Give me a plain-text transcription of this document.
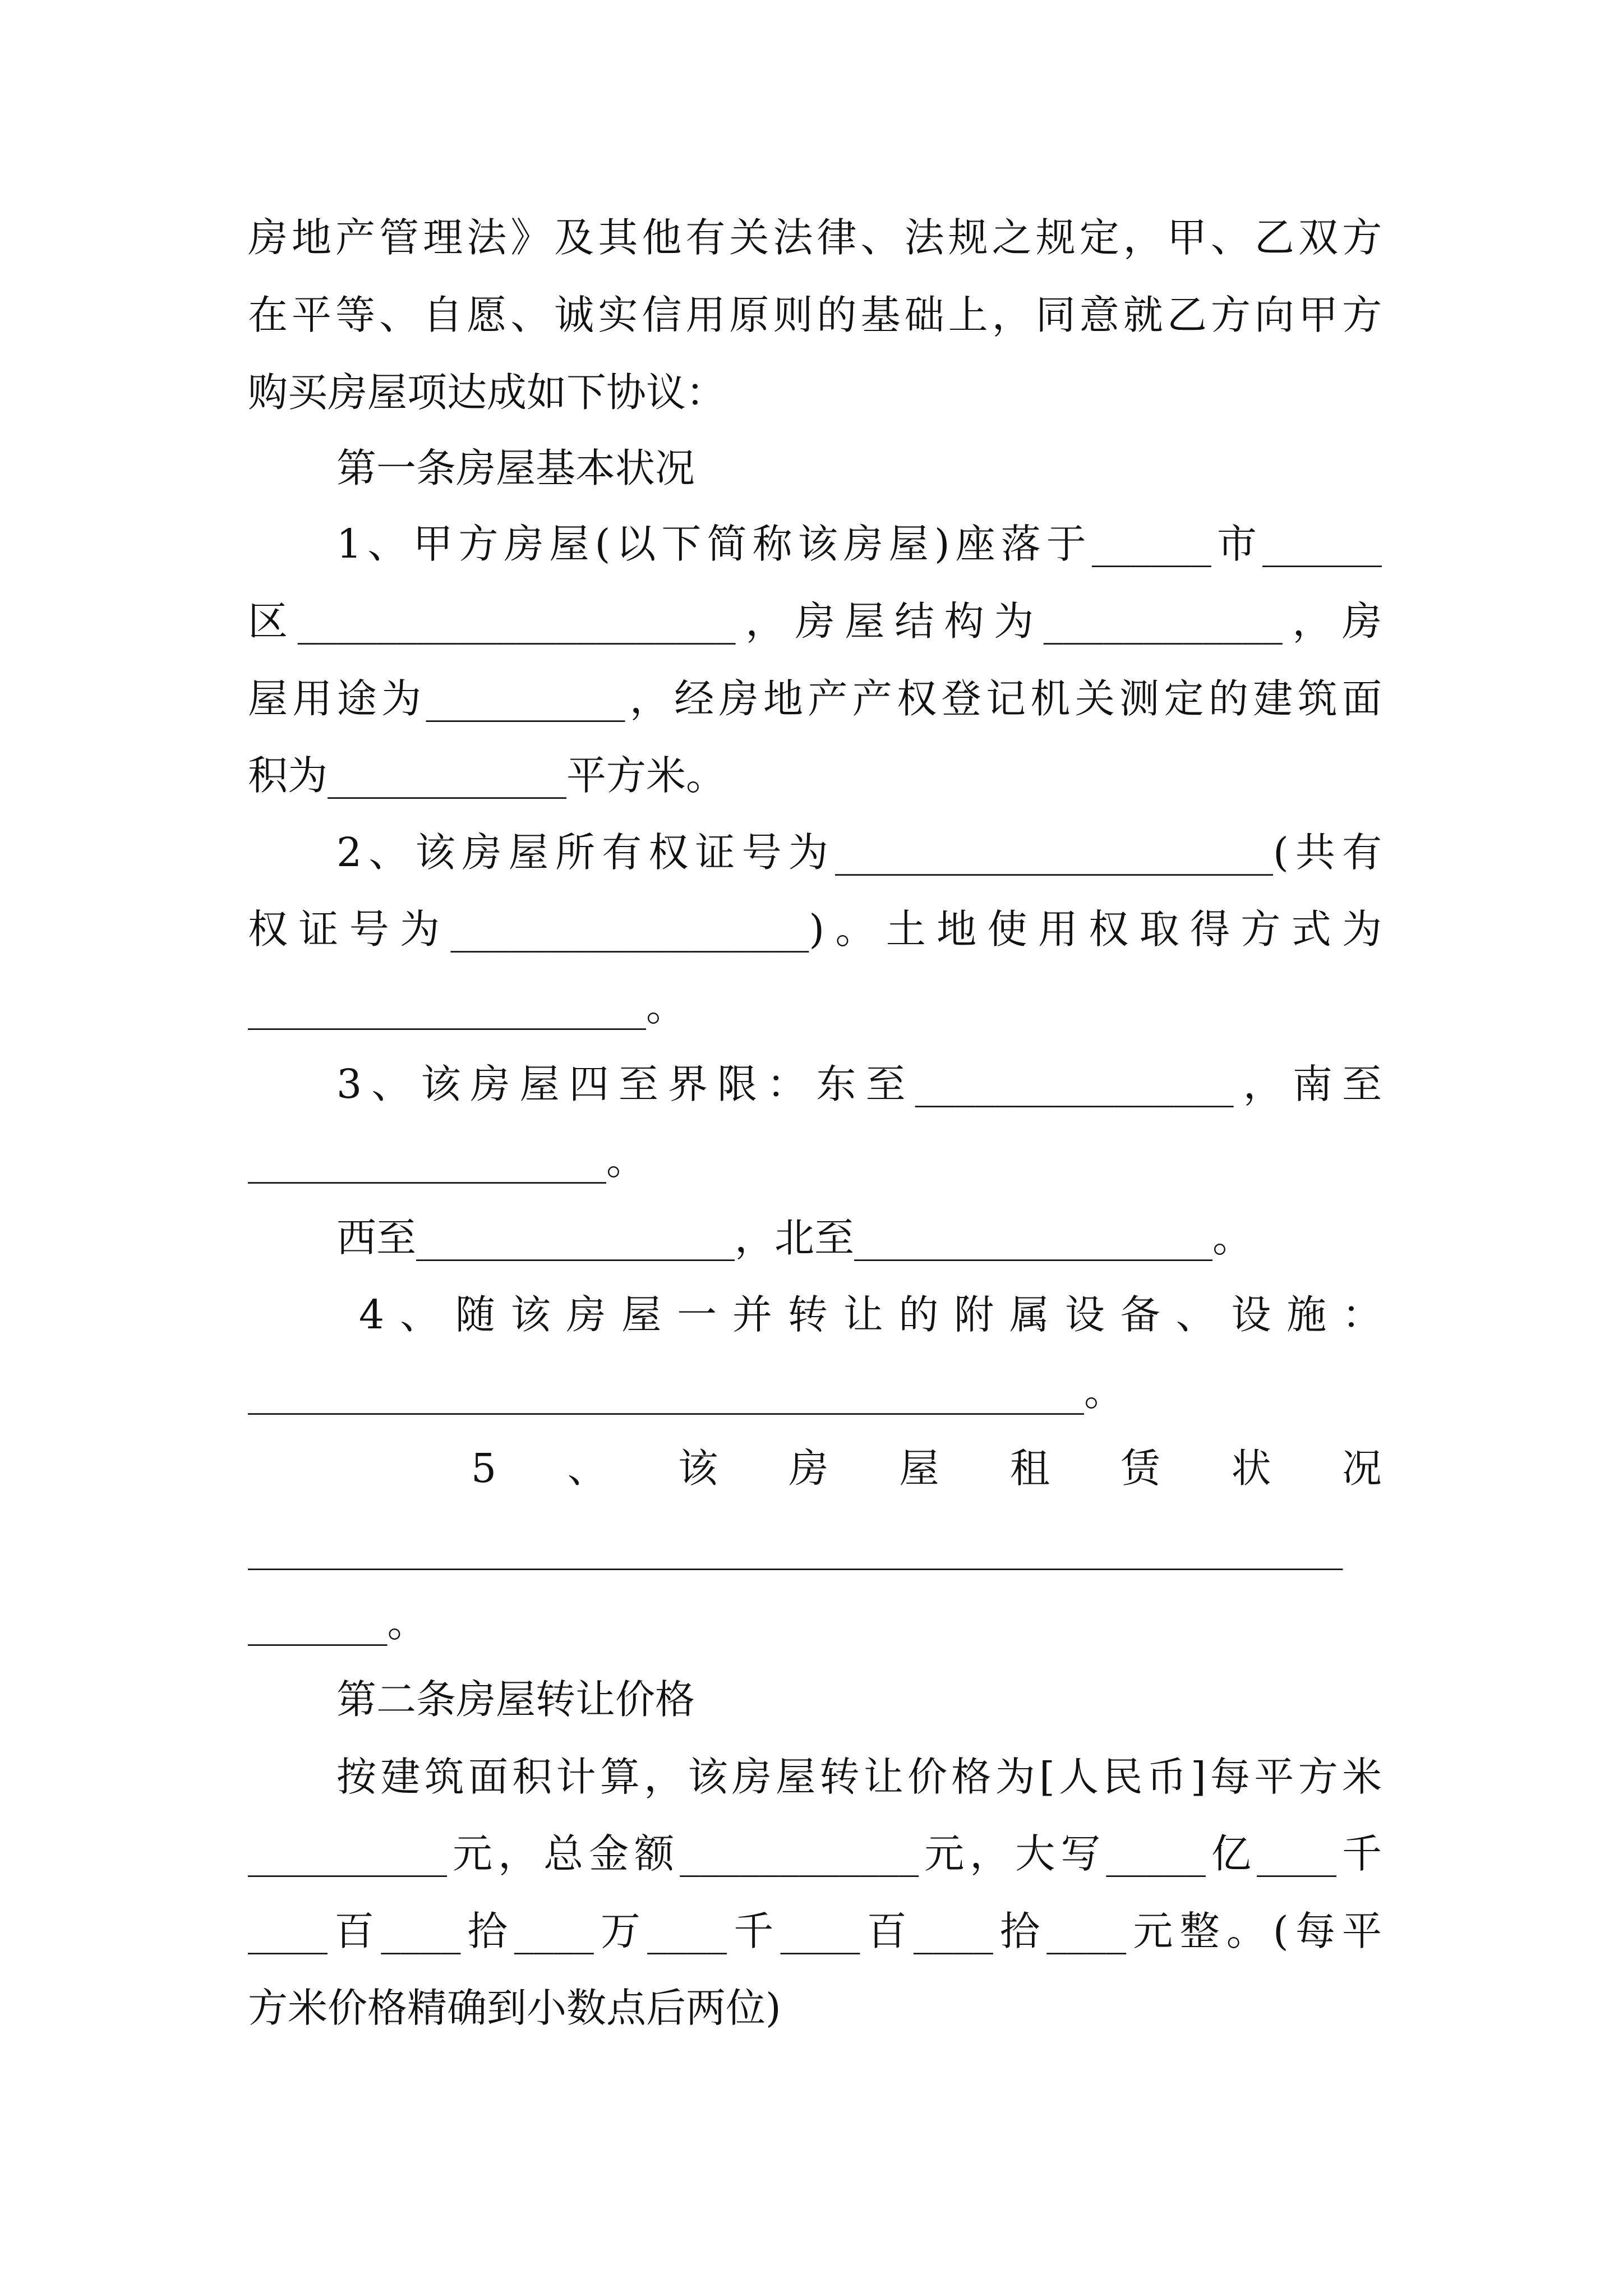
房地产管理法》及其他有关法律、法规之规定，甲、乙双方
在平等、自愿、诚实信用原则的基础上，同意就乙方向甲方
购买房屋项达成如下协议：
第一条房屋基本状况
1、甲方房屋(以下简称该房屋)座落于______市______
区______________________，房屋结构为____________，房
屋用途为__________，经房地产产权登记机关测定的建筑面
积为____________平方米。
2、该房屋所有权证号为______________________(共有
权证号为__________________)。土地使用权取得方式为
____________________。
3、该房屋四至界限：东至________________，南至
__________________。
西至________________，北至__________________。
4、随该房屋一并转让的附属设备、设施：
__________________________________________。
5 、 该 房 屋 租 赁 状 况
_______________________________________________________
_______。
第二条房屋转让价格
按建筑面积计算，该房屋转让价格为[人民币]每平方米
__________元，总金额____________元，大写_____亿____千
____百____拾____万____千____百____拾____元整。(每平
方米价格精确到小数点后两位)
